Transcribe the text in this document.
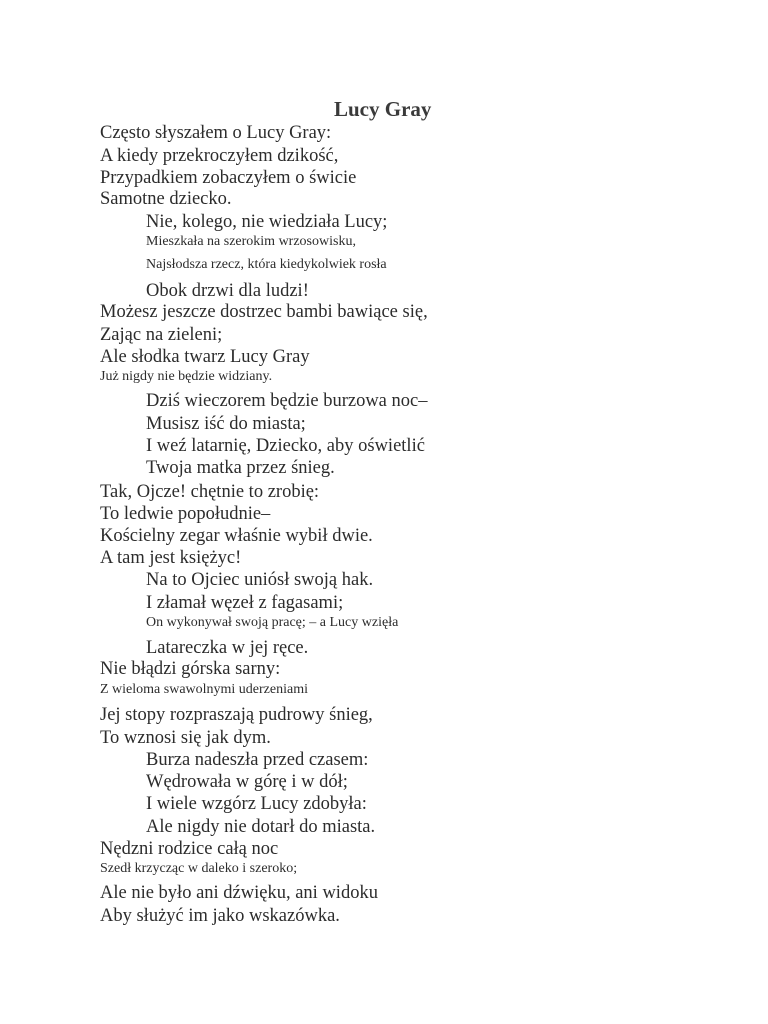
Lucy Gray
Często słyszałem o Lucy Gray:
A kiedy przekroczyłem dzikość,
Przypadkiem zobaczyłem o świcie
Samotne dziecko.
Nie, kolego, nie wiedziała Lucy;
Mieszkała na szerokim wrzosowisku,
Najsłodsza rzecz, która kiedykolwiek rosła
Obok drzwi dla ludzi!
Możesz jeszcze dostrzec bambi bawiące się,
Zając na zieleni;
Ale słodka twarz Lucy Gray
Już nigdy nie będzie widziany.
Dziś wieczorem będzie burzowa noc–
Musisz iść do miasta;
I weź latarnię, Dziecko, aby oświetlić
Twoja matka przez śnieg.
Tak, Ojcze! chętnie to zrobię:
To ledwie popołudnie–
Kościelny zegar właśnie wybił dwie.
A tam jest księżyc!
Na to Ojciec uniósł swoją hak.
I złamał węzeł z fagasami;
On wykonywał swoją pracę; – a Lucy wzięła
Latareczka w jej ręce.
Nie błądzi górska sarny:
Z wieloma swawolnymi uderzeniami
Jej stopy rozpraszają pudrowy śnieg,
To wznosi się jak dym.
Burza nadeszła przed czasem:
Wędrowała w górę i w dół;
I wiele wzgórz Lucy zdobyła:
Ale nigdy nie dotarł do miasta.
Nędzni rodzice całą noc
Szedł krzycząc w daleko i szeroko;
Ale nie było ani dźwięku, ani widoku
Aby służyć im jako wskazówka.
